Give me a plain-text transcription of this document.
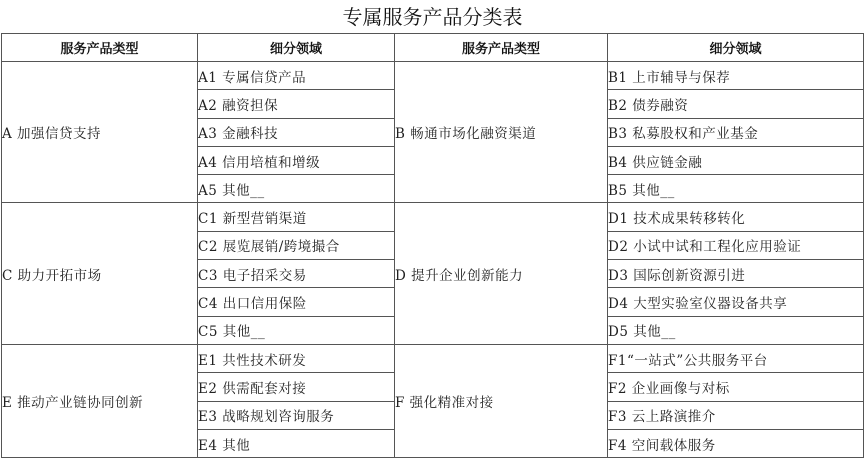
专属服务产品分类表
服务产品类型	细分领域	服务产品类型	细分领域
A 加强信贷支持	A1 专属信贷产品	B 畅通市场化融资渠道	B1 上市辅导与保荐
	A2 融资担保		B2 债券融资
	A3 金融科技		B3 私募股权和产业基金
	A4 信用培植和增级		B4 供应链金融
	A5 其他__		B5 其他__
C 助力开拓市场	C1 新型营销渠道	D 提升企业创新能力	D1 技术成果转移转化
	C2 展览展销/跨境撮合		D2 小试中试和工程化应用验证
	C3 电子招采交易		D3 国际创新资源引进
	C4 出口信用保险		D4 大型实验室仪器设备共享
	C5 其他__		D5 其他__
E 推动产业链协同创新	E1 共性技术研发	F 强化精准对接	F1“一站式”公共服务平台
	E2 供需配套对接		F2 企业画像与对标
	E3 战略规划咨询服务		F3 云上路演推介
	E4 其他		F4 空间载体服务
